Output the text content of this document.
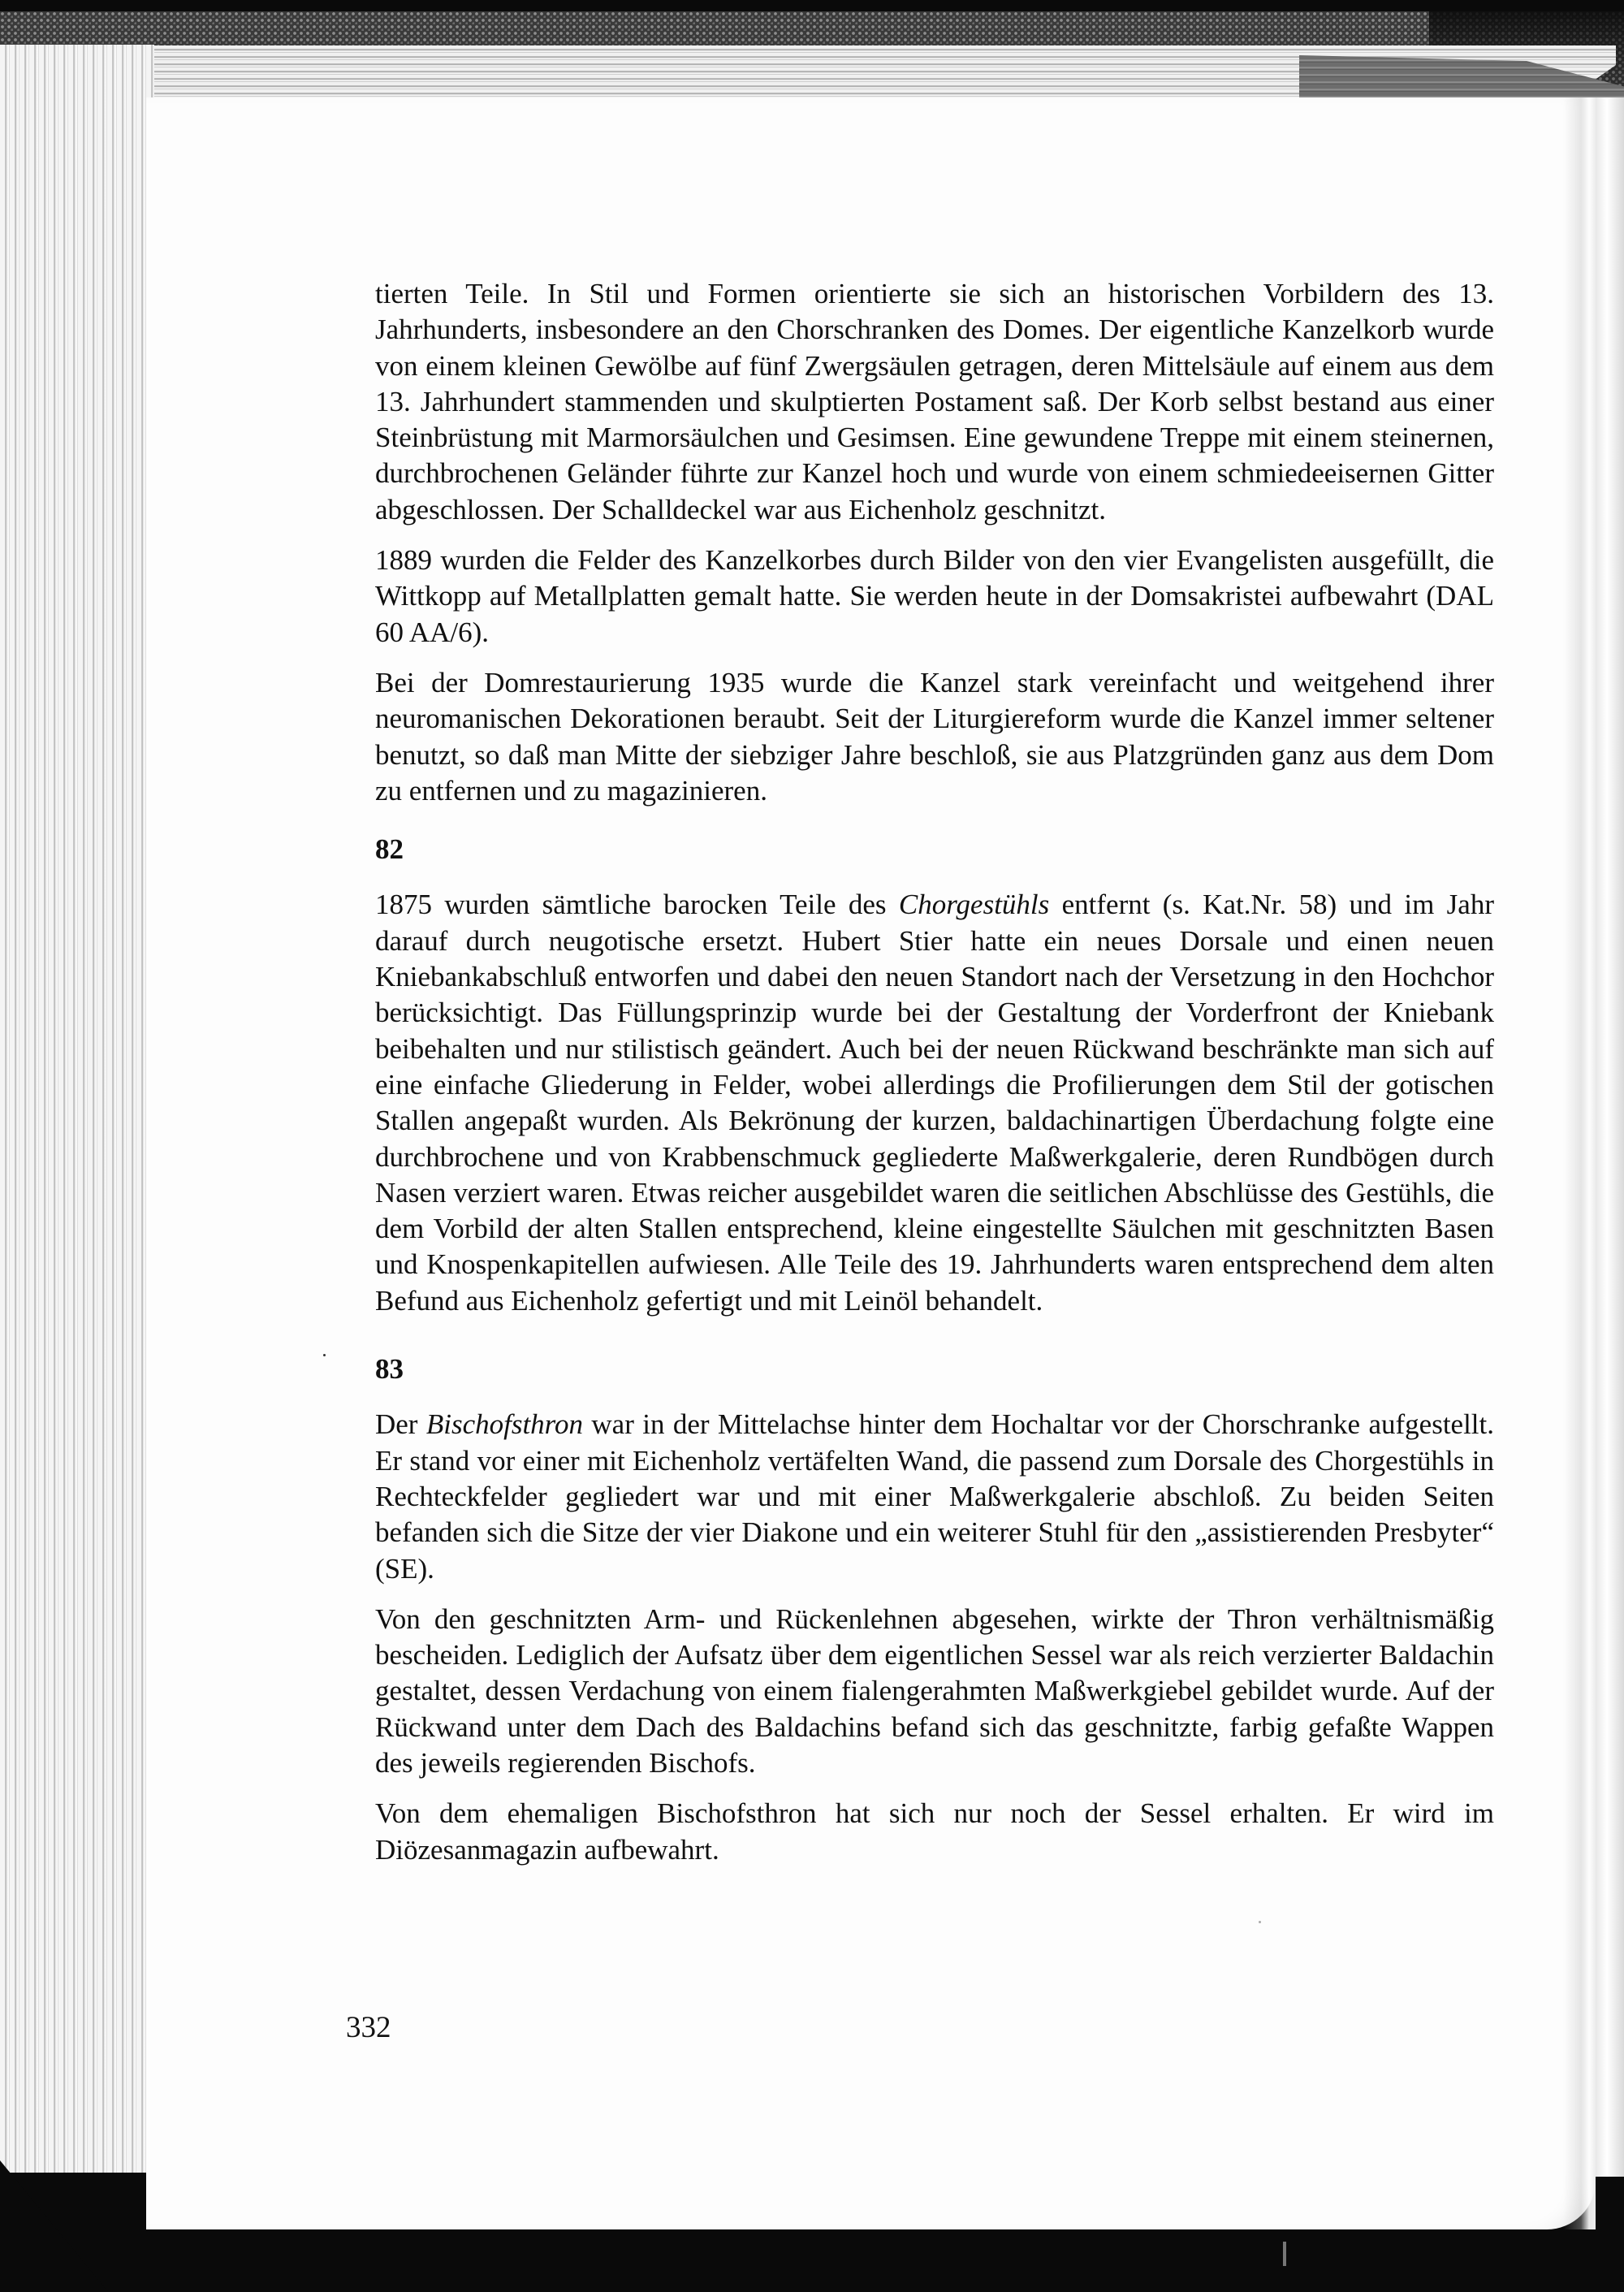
tierten Teile. In Stil und Formen orientierte sie sich an historischen Vorbildern des 13. Jahrhunderts, insbesondere an den Chorschranken des Domes. Der eigentliche Kanzelkorb wurde von einem kleinen Gewölbe auf fünf Zwergsäulen getragen, deren Mittelsäule auf einem aus dem 13. Jahrhundert stammenden und skulptierten Postament saß. Der Korb selbst bestand aus einer Steinbrüstung mit Marmorsäulchen und Gesimsen. Eine gewundene Treppe mit einem steinernen, durchbrochenen Geländer führte zur Kanzel hoch und wurde von einem schmiedeeisernen Gitter abgeschlossen. Der Schalldeckel war aus Eichenholz geschnitzt.

1889 wurden die Felder des Kanzelkorbes durch Bilder von den vier Evangelisten ausgefüllt, die Wittkopp auf Metallplatten gemalt hatte. Sie werden heute in der Domsakristei aufbewahrt (DAL 60 AA/6).

Bei der Domrestaurierung 1935 wurde die Kanzel stark vereinfacht und weitgehend ihrer neuromanischen Dekorationen beraubt. Seit der Liturgiereform wurde die Kanzel immer seltener benutzt, so daß man Mitte der siebziger Jahre beschloß, sie aus Platzgründen ganz aus dem Dom zu entfernen und zu magazinieren.

82

1875 wurden sämtliche barocken Teile des Chorgestühls entfernt (s. Kat.Nr. 58) und im Jahr darauf durch neugotische ersetzt. Hubert Stier hatte ein neues Dorsale und einen neuen Kniebankabschluß entworfen und dabei den neuen Standort nach der Versetzung in den Hochchor berücksichtigt. Das Füllungsprinzip wurde bei der Gestaltung der Vorderfront der Kniebank beibehalten und nur stilistisch geändert. Auch bei der neuen Rückwand beschränkte man sich auf eine einfache Gliederung in Felder, wobei allerdings die Profilierungen dem Stil der gotischen Stallen angepaßt wurden. Als Bekrönung der kurzen, baldachinartigen Überdachung folgte eine durchbrochene und von Krabbenschmuck gegliederte Maßwerkgalerie, deren Rundbögen durch Nasen verziert waren. Etwas reicher ausgebildet waren die seitlichen Abschlüsse des Gestühls, die dem Vorbild der alten Stallen entsprechend, kleine eingestellte Säulchen mit geschnitzten Basen und Knospenkapitellen aufwiesen. Alle Teile des 19. Jahrhunderts waren entsprechend dem alten Befund aus Eichenholz gefertigt und mit Leinöl behandelt.

83

Der Bischofsthron war in der Mittelachse hinter dem Hochaltar vor der Chorschranke aufgestellt. Er stand vor einer mit Eichenholz vertäfelten Wand, die passend zum Dorsale des Chorgestühls in Rechteckfelder gegliedert war und mit einer Maßwerkgalerie abschloß. Zu beiden Seiten befanden sich die Sitze der vier Diakone und ein weiterer Stuhl für den „assistierenden Presbyter“ (SE).

Von den geschnitzten Arm- und Rückenlehnen abgesehen, wirkte der Thron verhältnismäßig bescheiden. Lediglich der Aufsatz über dem eigentlichen Sessel war als reich verzierter Baldachin gestaltet, dessen Verdachung von einem fialengerahmten Maßwerkgiebel gebildet wurde. Auf der Rückwand unter dem Dach des Baldachins befand sich das geschnitzte, farbig gefaßte Wappen des jeweils regierenden Bischofs.

Von dem ehemaligen Bischofsthron hat sich nur noch der Sessel erhalten. Er wird im Diözesanmagazin aufbewahrt.

332
